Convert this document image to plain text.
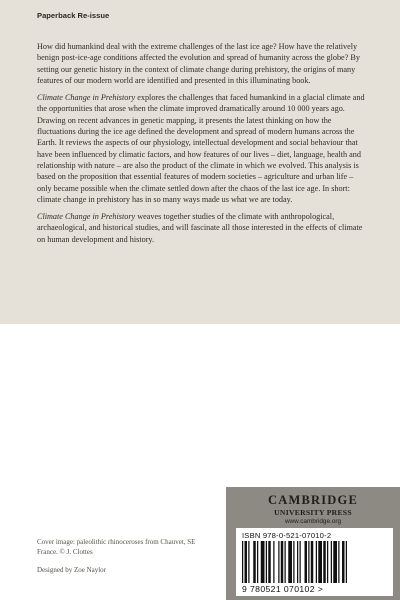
Paperback Re-issue

How did humankind deal with the extreme challenges of the last ice age? How have the relatively benign post-ice-age conditions affected the evolution and spread of humanity across the globe? By setting our genetic history in the context of climate change during prehistory, the origins of many features of our modern world are identified and presented in this illuminating book.

Climate Change in Prehistory explores the challenges that faced humankind in a glacial climate and the opportunities that arose when the climate improved dramatically around 10 000 years ago. Drawing on recent advances in genetic mapping, it presents the latest thinking on how the fluctuations during the ice age defined the development and spread of modern humans across the Earth. It reviews the aspects of our physiology, intellectual development and social behaviour that have been influenced by climatic factors, and how features of our lives – diet, language, health and relationship with nature – are also the product of the climate in which we evolved. This analysis is based on the proposition that essential features of modern societies – agriculture and urban life – only became possible when the climate settled down after the chaos of the last ice age. In short: climate change in prehistory has in so many ways made us what we are today.

Climate Change in Prehistory weaves together studies of the climate with anthropological, archaeological, and historical studies, and will fascinate all those interested in the effects of climate on human development and history.

Cover image: paleolithic rhinoceroses from Chauvet, SE France. © J. Clottes
Designed by Zoe Naylor
CAMBRIDGE
UNIVERSITY PRESS
www.cambridge.org
ISBN 978-0-521-07010-2
9 780521 070102 >
